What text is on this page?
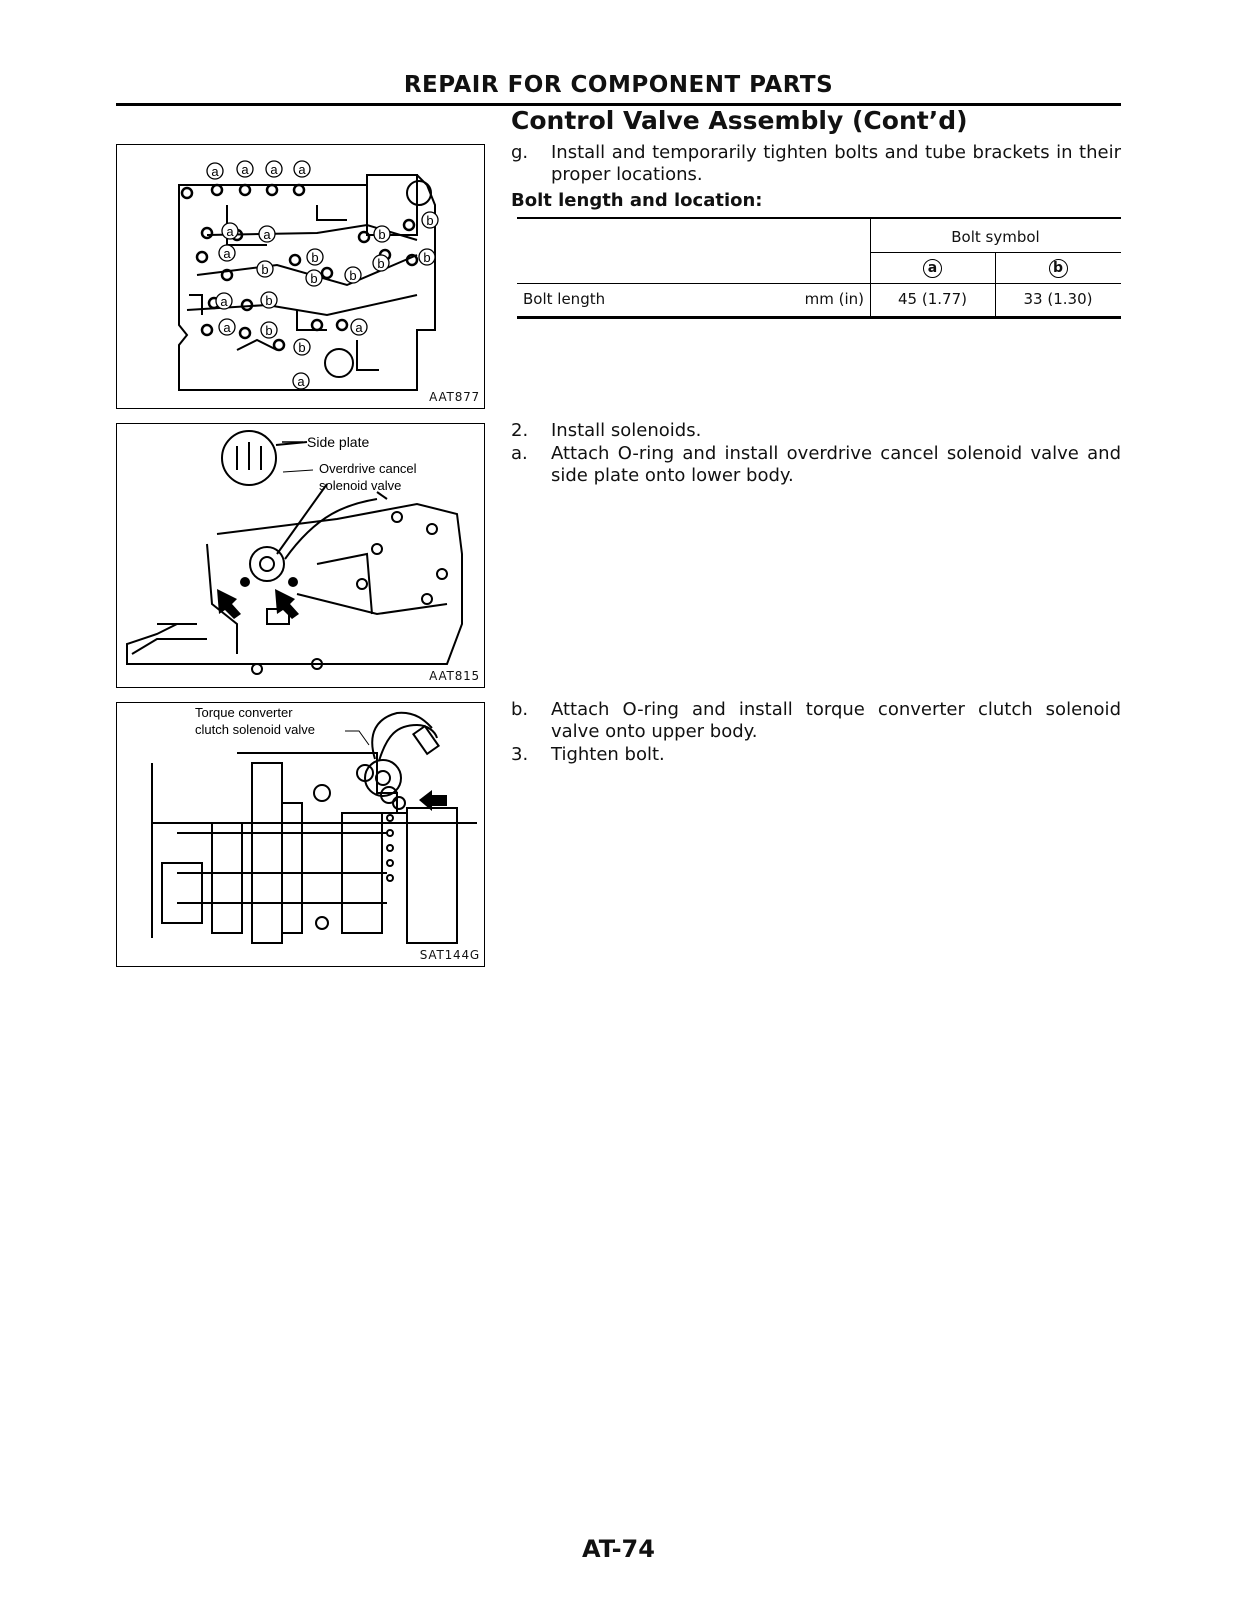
REPAIR FOR COMPONENT PARTS
Control Valve Assembly (Cont’d)
a a a a
a a
a
a
a
a
a
b
b
b
b
b
b	b
b b
b
b
AAT877
Side plate
Overdrive cancel
solenoid valve
AAT815
Torque converter
clutch solenoid valve
SAT144G
g. Install and temporarily tighten bolts and tube brackets in their proper locations.
Bolt length and location:
Bolt symbol
a	b
Bolt length	mm (in)	45 (1.77)	33 (1.30)
2. Install solenoids.
a. Attach O-ring and install overdrive cancel solenoid valve and side plate onto lower body.
b. Attach O-ring and install torque converter clutch solenoid valve onto upper body.
3. Tighten bolt.
AT-74
